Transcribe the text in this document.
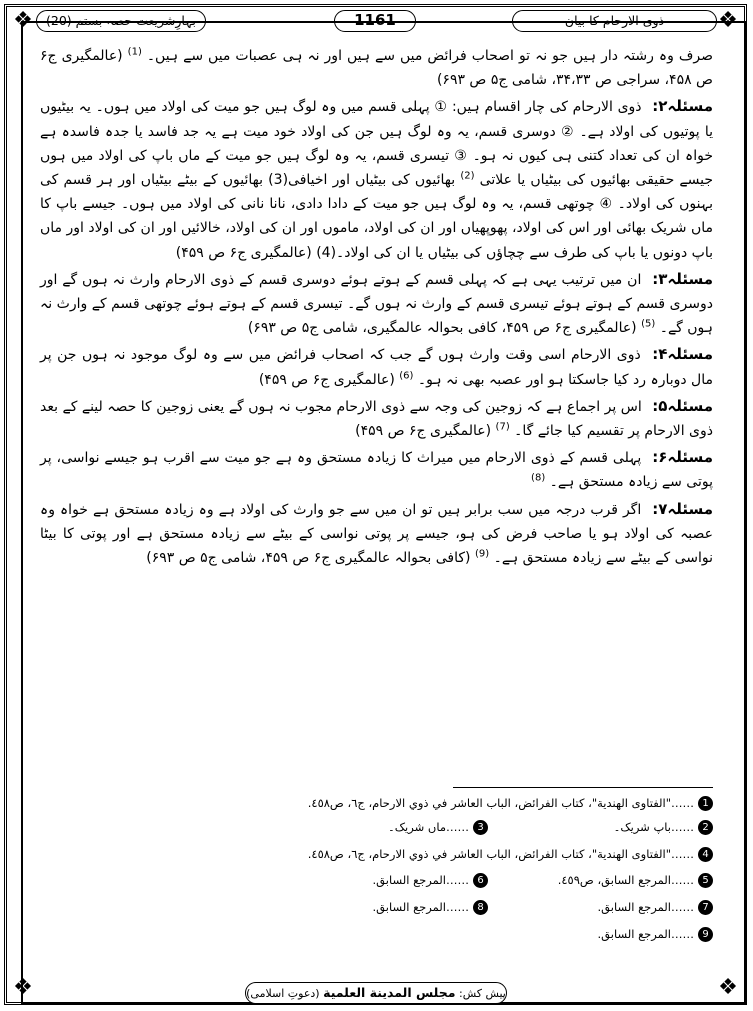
❖	❖
❖	❖
ذوی الارحام کا بیان
1161
بہارِشریعت حصہ بستم (20)

صرف وہ رشتہ دار ہیں جو نہ تو اصحاب فرائض میں سے ہیں اور نہ ہی عصبات میں سے ہیں۔ $^{(1)}$ (عالمگیری ج۶ ص ۴۵۸، سراجی ص ۳۴،۳۳، شامی ج۵ ص ۶۹۳)

مسئلہ۲: ذوی الارحام کی چار اقسام ہیں: ① پہلی قسم میں وہ لوگ ہیں جو میت کی اولاد میں ہوں۔ یہ بیٹیوں یا پوتیوں کی اولاد ہے۔ ② دوسری قسم، یہ وہ لوگ ہیں جن کی اولاد خود میت ہے یہ جد فاسد یا جدہ فاسدہ ہے خواہ ان کی تعداد کتنی ہی کیوں نہ ہو۔ ③ تیسری قسم، یہ وہ لوگ ہیں جو میت کے ماں باپ کی اولاد میں ہوں جیسے حقیقی بھائیوں کی بیٹیاں یا علاتی $^{(2)}$ بھائیوں کی بیٹیاں اور اخیافی(3) بھائیوں کے بیٹے بیٹیاں اور ہر قسم کی بہنوں کی اولاد۔ ④ چوتھی قسم، یہ وہ لوگ ہیں جو میت کے دادا دادی، نانا نانی کی اولاد میں ہوں۔ جیسے باپ کا ماں شریک بھائی اور اس کی اولاد، پھوپھیاں اور ان کی اولاد، ماموں اور ان کی اولاد، خالائیں اور ان کی اولاد اور ماں باپ دونوں یا باپ کی طرف سے چچاؤں کی بیٹیاں یا ان کی اولاد۔(4) (عالمگیری ج۶ ص ۴۵۹)

مسئلہ۳: ان میں ترتیب یہی ہے کہ پہلی قسم کے ہوتے ہوئے دوسری قسم کے ذوی الارحام وارث نہ ہوں گے اور دوسری قسم کے ہوتے ہوئے تیسری قسم کے وارث نہ ہوں گے۔ تیسری قسم کے ہوتے ہوئے چوتھی قسم کے وارث نہ ہوں گے۔ $^{(5)}$ (عالمگیری ج۶ ص ۴۵۹، کافی بحوالہ عالمگیری، شامی ج۵ ص ۶۹۳)

مسئلہ۴: ذوی الارحام اسی وقت وارث ہوں گے جب کہ اصحاب فرائض میں سے وہ لوگ موجود نہ ہوں جن پر مال دوبارہ رد کیا جاسکتا ہو اور عصبہ بھی نہ ہو۔ $^{(6)}$ (عالمگیری ج۶ ص ۴۵۹)

مسئلہ۵: اس پر اجماع ہے کہ زوجین کی وجہ سے ذوی الارحام مجوب نہ ہوں گے یعنی زوجین کا حصہ لینے کے بعد ذوی الارحام پر تقسیم کیا جائے گا۔ $^{(7)}$ (عالمگیری ج۶ ص ۴۵۹)

مسئلہ۶: پہلی قسم کے ذوی الارحام میں میراث کا زیادہ مستحق وہ ہے جو میت سے اقرب ہو جیسے نواسی، پر پوتی سے زیادہ مستحق ہے۔ $^{(8)}$

مسئلہ۷: اگر قرب درجہ میں سب برابر ہیں تو ان میں سے جو وارث کی اولاد ہے وہ زیادہ مستحق ہے خواہ وہ عصبہ کی اولاد ہو یا صاحب فرض کی ہو، جیسے پر پوتی نواسی کے بیٹے سے زیادہ مستحق ہے اور پوتی کا بیٹا نواسی کے بیٹے سے زیادہ مستحق ہے۔ $^{(9)}$ (کافی بحوالہ عالمگیری ج۶ ص ۴۵۹، شامی ج۵ ص ۶۹۳)

1……"الفتاوى الهندية"، كتاب الفرائض، الباب العاشر في ذوي الارحام، ج٦، ص٤٥٨.
2……باپ شریک۔
3……ماں شریک۔
4……"الفتاوى الهندية"، كتاب الفرائض، الباب العاشر في ذوي الارحام، ج٦، ص٤٥٨.
5……المرجع السابق، ص٤٥٩.
6……المرجع السابق.
7……المرجع السابق.
8……المرجع السابق.
9……المرجع السابق.
پیش کش: مجلس المدينة العلمية (دعوتِ اسلامی)
